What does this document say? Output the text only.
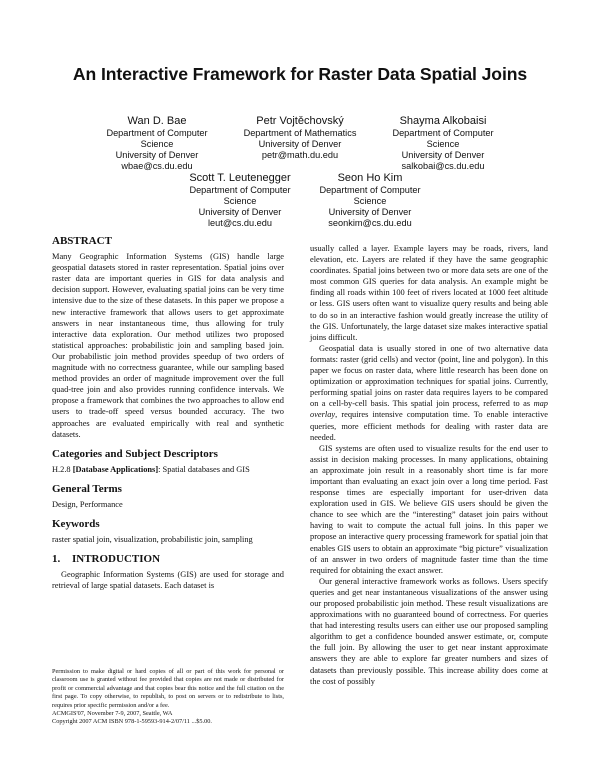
An Interactive Framework for Raster Data Spatial Joins
Wan D. Bae
Department of Computer
Science
University of Denver
wbae@cs.du.edu
Petr Vojtěchovský
Department of Mathematics
University of Denver
petr@math.du.edu
Shayma Alkobaisi
Department of Computer
Science
University of Denver
salkobai@cs.du.edu
Scott T. Leutenegger
Department of Computer
Science
University of Denver
leut@cs.du.edu
Seon Ho Kim
Department of Computer
Science
University of Denver
seonkim@cs.du.edu
ABSTRACT

Many Geographic Information Systems (GIS) handle large geospatial datasets stored in raster representation. Spatial joins over raster data are important queries in GIS for data analysis and decision support. However, evaluating spatial joins can be very time intensive due to the size of these datasets. In this paper we propose a new interactive framework that allows users to get approximate answers in near instantaneous time, thus allowing for truly interactive data exploration. Our method utilizes two proposed statistical approaches: probabilistic join and sampling based join. Our probabilistic join method provides speedup of two orders of magnitude with no correctness guarantee, while our sampling based method provides an order of magnitude improvement over the full quad-tree join and also provides running confidence intervals. We propose a framework that combines the two approaches to allow end users to trade-off speed versus bounded accuracy. The two approaches are evaluated empirically with real and synthetic datasets.

Categories and Subject Descriptors

H.2.8 [Database Applications]: Spatial databases and GIS

General Terms

Design, Performance

Keywords

raster spatial join, visualization, probabilistic join, sampling

1. INTRODUCTION

Geographic Information Systems (GIS) are used for storage and retrieval of large spatial datasets. Each dataset is

Permission to make digital or hard copies of all or part of this work for personal or classroom use is granted without fee provided that copies are not made or distributed for profit or commercial advantage and that copies bear this notice and the full citation on the first page. To copy otherwise, to republish, to post on servers or to redistribute to lists, requires prior specific permission and/or a fee.

ACMGIS'07, November 7-9, 2007, Seattle, WA

Copyright 2007 ACM ISBN 978-1-59593-914-2/07/11 ...$5.00.

usually called a layer. Example layers may be roads, rivers, land elevation, etc. Layers are related if they have the same geographic coordinates. Spatial joins between two or more data sets are one of the most common GIS queries for data analysis. An example might be finding all roads within 100 feet of rivers located at 1000 feet altitude or less. GIS users often want to visualize query results and being able to do so in an interactive fashion would greatly increase the utility of the GIS. Unfortunately, the large dataset size makes interactive spatial joins difficult.

Geospatial data is usually stored in one of two alternative data formats: raster (grid cells) and vector (point, line and polygon). In this paper we focus on raster data, where little research has been done on optimization or approximation techniques for spatial joins. Currently, performing spatial joins on raster data requires layers to be compared on a cell-by-cell basis. This spatial join process, referred to as map overlay, requires intensive computation time. To enable interactive queries, more efficient methods for dealing with raster data are needed.

GIS systems are often used to visualize results for the end user to assist in decision making processes. In many applications, obtaining an approximate join result in a reasonably short time is far more important than evaluating an exact join over a long time period. Fast response times are especially important for user-driven data exploration used in GIS. We believe GIS users should be given the chance to see which are the “interesting” dataset join pairs without having to wait to compute the actual full joins. In this paper we propose an interactive query processing framework for spatial join that enables GIS users to obtain an approximate “big picture” visualization of an answer in two orders of magnitude faster time than the time required for obtaining the exact answer.

Our general interactive framework works as follows. Users specify queries and get near instantaneous visualizations of the answer using our proposed probabilistic join method. These result visualizations are approximations with no guaranteed bound of correctness. For queries that had interesting results users can either use our proposed sampling algorithm to get a confidence bounded answer estimate, or, compute the full join. By allowing the user to get near instant approximate answers they are able to explore far greater numbers and sizes of datasets than previously possible. This increase ability does come at the cost of possibly
